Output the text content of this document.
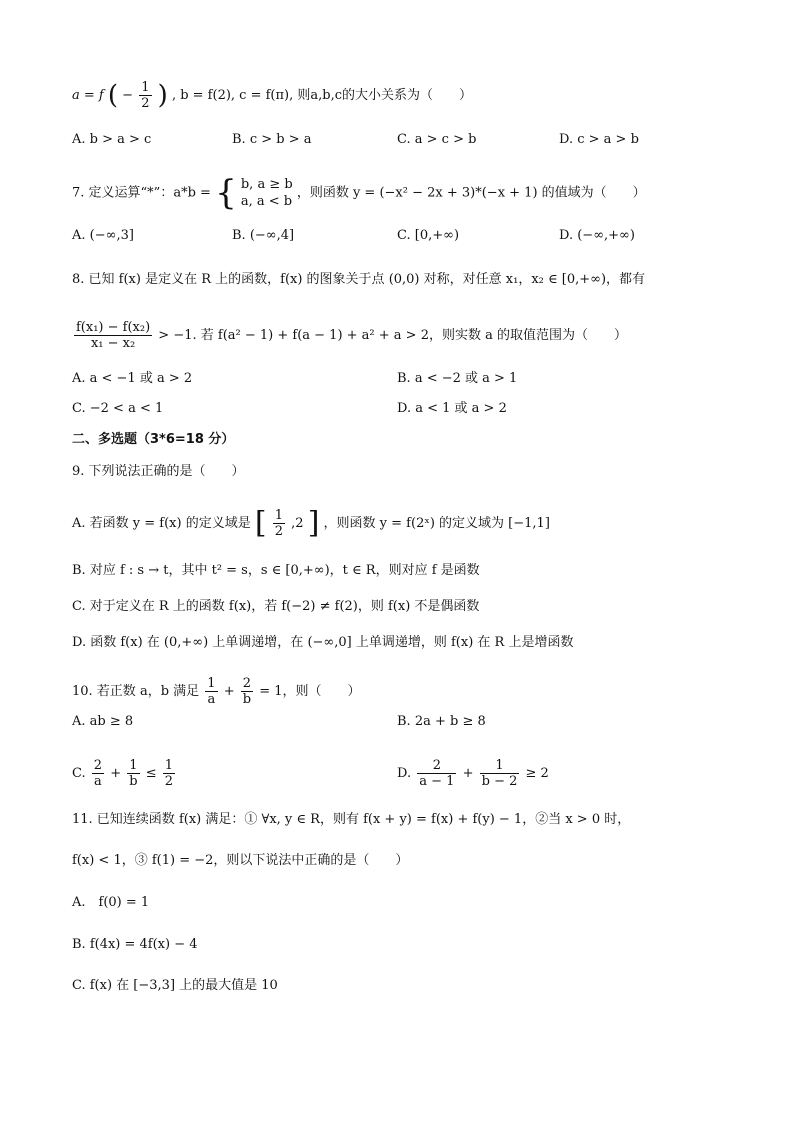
a = f ( − $\frac{1}{2}$ ) , b = f(2), c = f(π), 则a,b,c的大小关系为（　　）
A. b > a > c	B. c > b > a	C. a > c > b	D. c > a > b
7. 定义运算“*”：a*b = { b, a ≥ b
a, a < b
，则函数 y = (−x² − 2x + 3)*(−x + 1) 的值域为（　　）
A. (−∞,3]	B. (−∞,4]	C. [0,+∞)	D. (−∞,+∞)
8. 已知 f(x) 是定义在 R 上的函数，f(x) 的图象关于点 (0,0) 对称，对任意 x₁，x₂ ∈ [0,+∞)，都有
$\frac{\text{f(x₁) − f(x₂)}}{\text{x₁ − x₂}} > -1$. 若 f(a² − 1) + f(a − 1) + a² + a > 2，则实数 a 的取值范围为（　　）
A. a < −1 或 a > 2	B. a < −2 或 a > 1
C. −2 < a < 1	D. a < 1 或 a > 2
二、多选题（3*6=18 分）
9. 下列说法正确的是（　　）
A. 若函数 y = f(x) 的定义域是 [ $\frac{1}{2} ,2$ ] ，则函数 y = f(2ˣ) 的定义域为 [−1,1]
B. 对应 f : s → t，其中 t² = s，s ∈ [0,+∞)，t ∈ R，则对应 f 是函数
C. 对于定义在 R 上的函数 f(x)，若 f(−2) ≠ f(2)，则 f(x) 不是偶函数
D. 函数 f(x) 在 (0,+∞) 上单调递增，在 (−∞,0] 上单调递增，则 f(x) 在 R 上是增函数
10. 若正数 a，b 满足 $\frac{1}{a} + \frac{2}{b} = 1$，则（　　）
A. ab ≥ 8	B. 2a + b ≥ 8
C. $\frac{2}{a} + \frac{1}{b} \le \frac{1}{2}$	D. $\frac{2}{a - 1} + \frac{1}{b - 2} \ge 2$
11. 已知连续函数 f(x) 满足：① ∀x, y ∈ R，则有 f(x + y) = f(x) + f(y) − 1，②当 x > 0 时，
f(x) < 1，③ f(1) = −2，则以下说法中正确的是（　　）
A.　f(0) = 1
B. f(4x) = 4f(x) − 4
C. f(x) 在 [−3,3] 上的最大值是 10
